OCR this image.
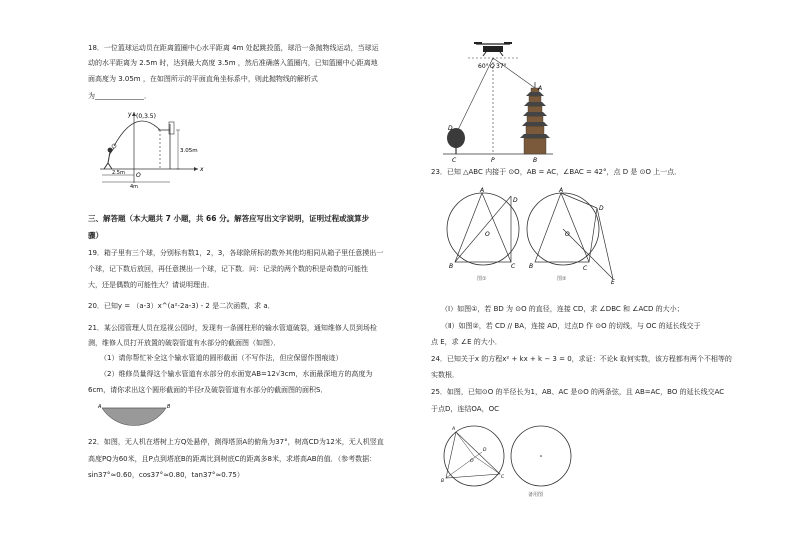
18．一位篮球运动员在距离篮圈中心水平距离 4m 处起跳投篮，球沿一条抛物线运动，当球运
动的水平距离为 2.5m 时，达到最大高度 3.5m ，然后准确落入篮圈内，已知篮圈中心距离地
面高度为 3.05m ，在如图所示的平面直角坐标系中，则此抛物线的解析式
为______________．
(0,3.5)
y
x
O
3.05m
2.5m
4m
三、解答题（本大题共 7 小题，共 66 分。解答应写出文字说明，证明过程或演算步
骤）
19．箱子里有三个球，分别标有数1，2，3，各球除所标的数外其他均相同从箱子里任意摸出一
个球，记下数后放回，再任意摸出一个球，记下数．问：记录的两个数的积是奇数的可能性
大，还是偶数的可能性大？请说明理由．
20．已知y = （a-3）x^(a²-2a-3) - 2 是二次函数，求 a．
21．某公园管理人员在巡视公园时，发现有一条圆柱形的输水管道破裂，通知维修人员到场检
测，维修人员打开放置的破裂管道有水部分的截面图（如图）．
（1）请你帮忙补全这个输水管道的圆形截面（不写作法，但应保留作图痕迹）
（2）维修员量得这个输水管道有水部分的水面宽AB=12√3cm，水面最深地方的高度为
6cm，请你求出这个圆形截面的半径r及破裂管道有水部分的截面图的面积S．
A	B
22．如图，无人机在塔树上方Q处悬停，测得塔顶A的俯角为37°，树高CD为12米，无人机竖直
高度PQ为60米，且P点到塔底B的距离比到树底C的距离多8米，求塔高AB的值．（参考数据：
sin37°≈0.60，cos37°≈0.80，tan37°≈0.75）
60° 37°
Q
A
D
C	P	B
23．已知 △ABC 内接于 ⊙O，AB = AC，∠BAC = 42°，点 D 是 ⊙O 上一点．
A
B	C
D
O
图①
A
B	C
D
O
E
图②
（Ⅰ）如图①，若 BD 为 ⊙O 的直径，连接 CD，求 ∠DBC 和 ∠ACD 的大小；
（Ⅱ）如图②，若 CD // BA，连接 AD，过点D 作 ⊙O 的切线，与 OC 的延长线交于
点 E，求 ∠E 的大小．
24．已知关于x 的方程x² + kx + k − 3 = 0，求证：不论k 取何实数，该方程都有两个不相等的
实数根．
25．如图，已知⊙O 的半径长为1，AB、AC 是⊙O 的两条弦，且 AB=AC，BO 的延长线交AC
于点D，连结OA，OC
A
B
C
D
O
备用图
